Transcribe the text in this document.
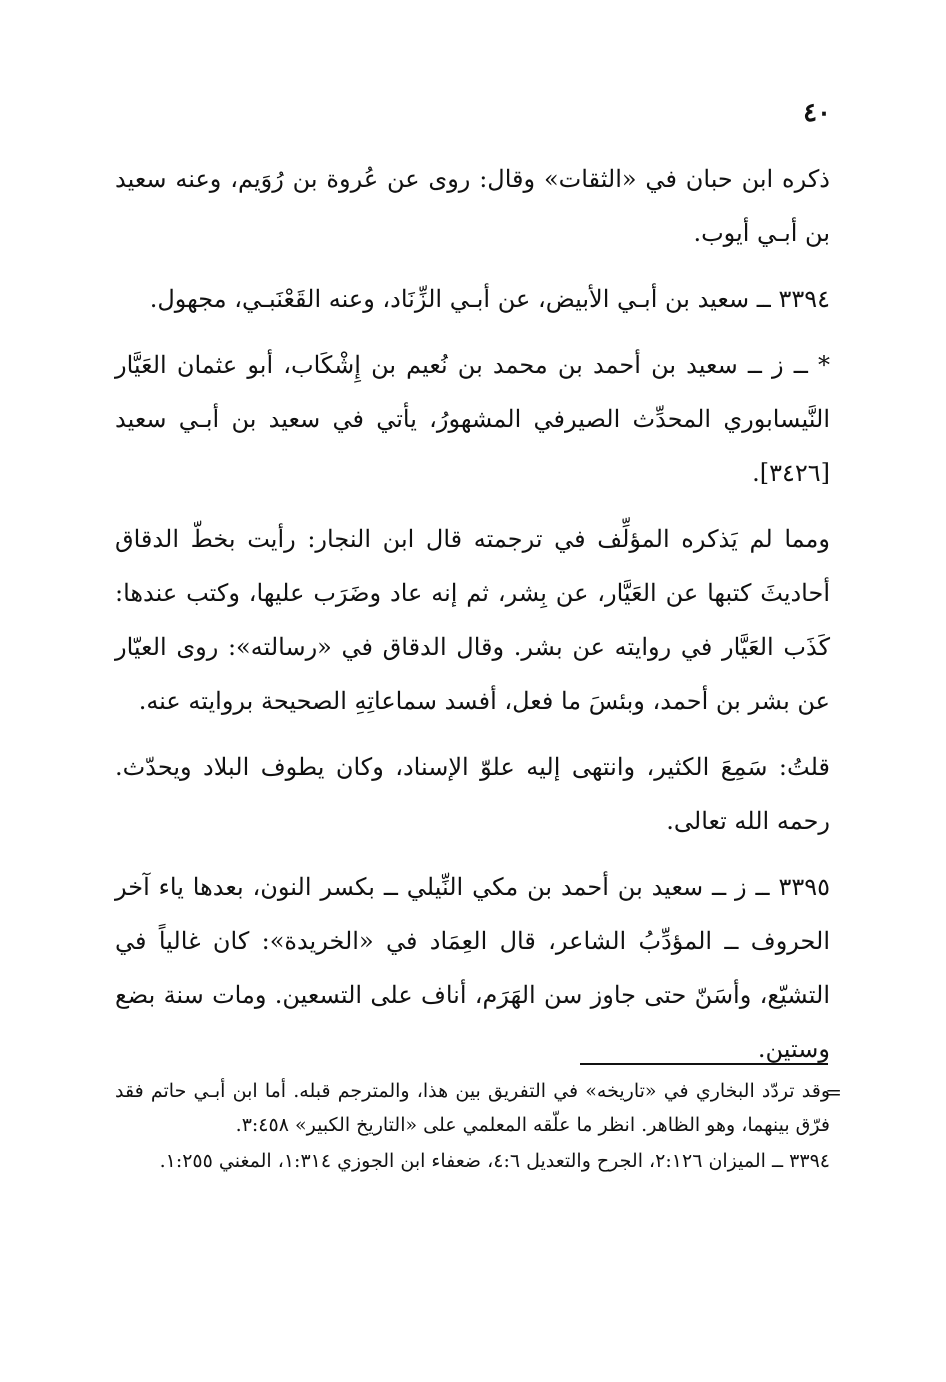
٤٠

ذكره ابن حبان في «الثقات» وقال: روى عن عُروة بن رُوَيم، وعنه سعيد بن أبـي أيوب.

٣٣٩٤ ــ سعيد بن أبـي الأبيض، عن أبـي الزِّنَاد، وعنه القَعْنَبـي، مجهول.

* ــ ز ــ سعيد بن أحمد بن محمد بن نُعيم بن إِشْكَاب، أبو عثمان العَيَّار النَّيسابوري المحدِّث الصيرفي المشهورُ، يأتي في سعيد بن أبـي سعيد [٣٤٢٦].

ومما لم يَذكره المؤلِّف في ترجمته قال ابن النجار: رأيت بخطّ الدقاق أحاديثَ كتبها عن العَيَّار، عن بِشر، ثم إنه عاد وضَرَب عليها، وكتب عندها: كَذَب العَيَّار في روايته عن بشر. وقال الدقاق في «رسالته»: روى العيّار عن بشر بن أحمد، وبئسَ ما فعل، أفسد سماعاتِهِ الصحيحة بروايته عنه.

قلتُ: سَمِعَ الكثير، وانتهى إليه علوّ الإسناد، وكان يطوف البلاد ويحدّث. رحمه الله تعالى.

٣٣٩٥ ــ ز ــ سعيد بن أحمد بن مكي النِّيلي ــ بكسر النون، بعدها ياء آخر الحروف ــ المؤدِّبُ الشاعر، قال العِمَاد في «الخريدة»: كان غالياً في التشيّع، وأسَنّ حتى جاوز سن الهَرَم، أناف على التسعين. ومات سنة بضع وستين.

=

وقد تردّد البخاري في «تاريخه» في التفريق بين هذا، والمترجم قبله. أما ابن أبـي حاتم فقد فرّق بينهما، وهو الظاهر. انظر ما علّقه المعلمي على «التاريخ الكبير» ٣:٤٥٨.

٣٣٩٤ ــ الميزان ٢:١٢٦، الجرح والتعديل ٤:٦، ضعفاء ابن الجوزي ١:٣١٤، المغني ١:٢٥٥.
